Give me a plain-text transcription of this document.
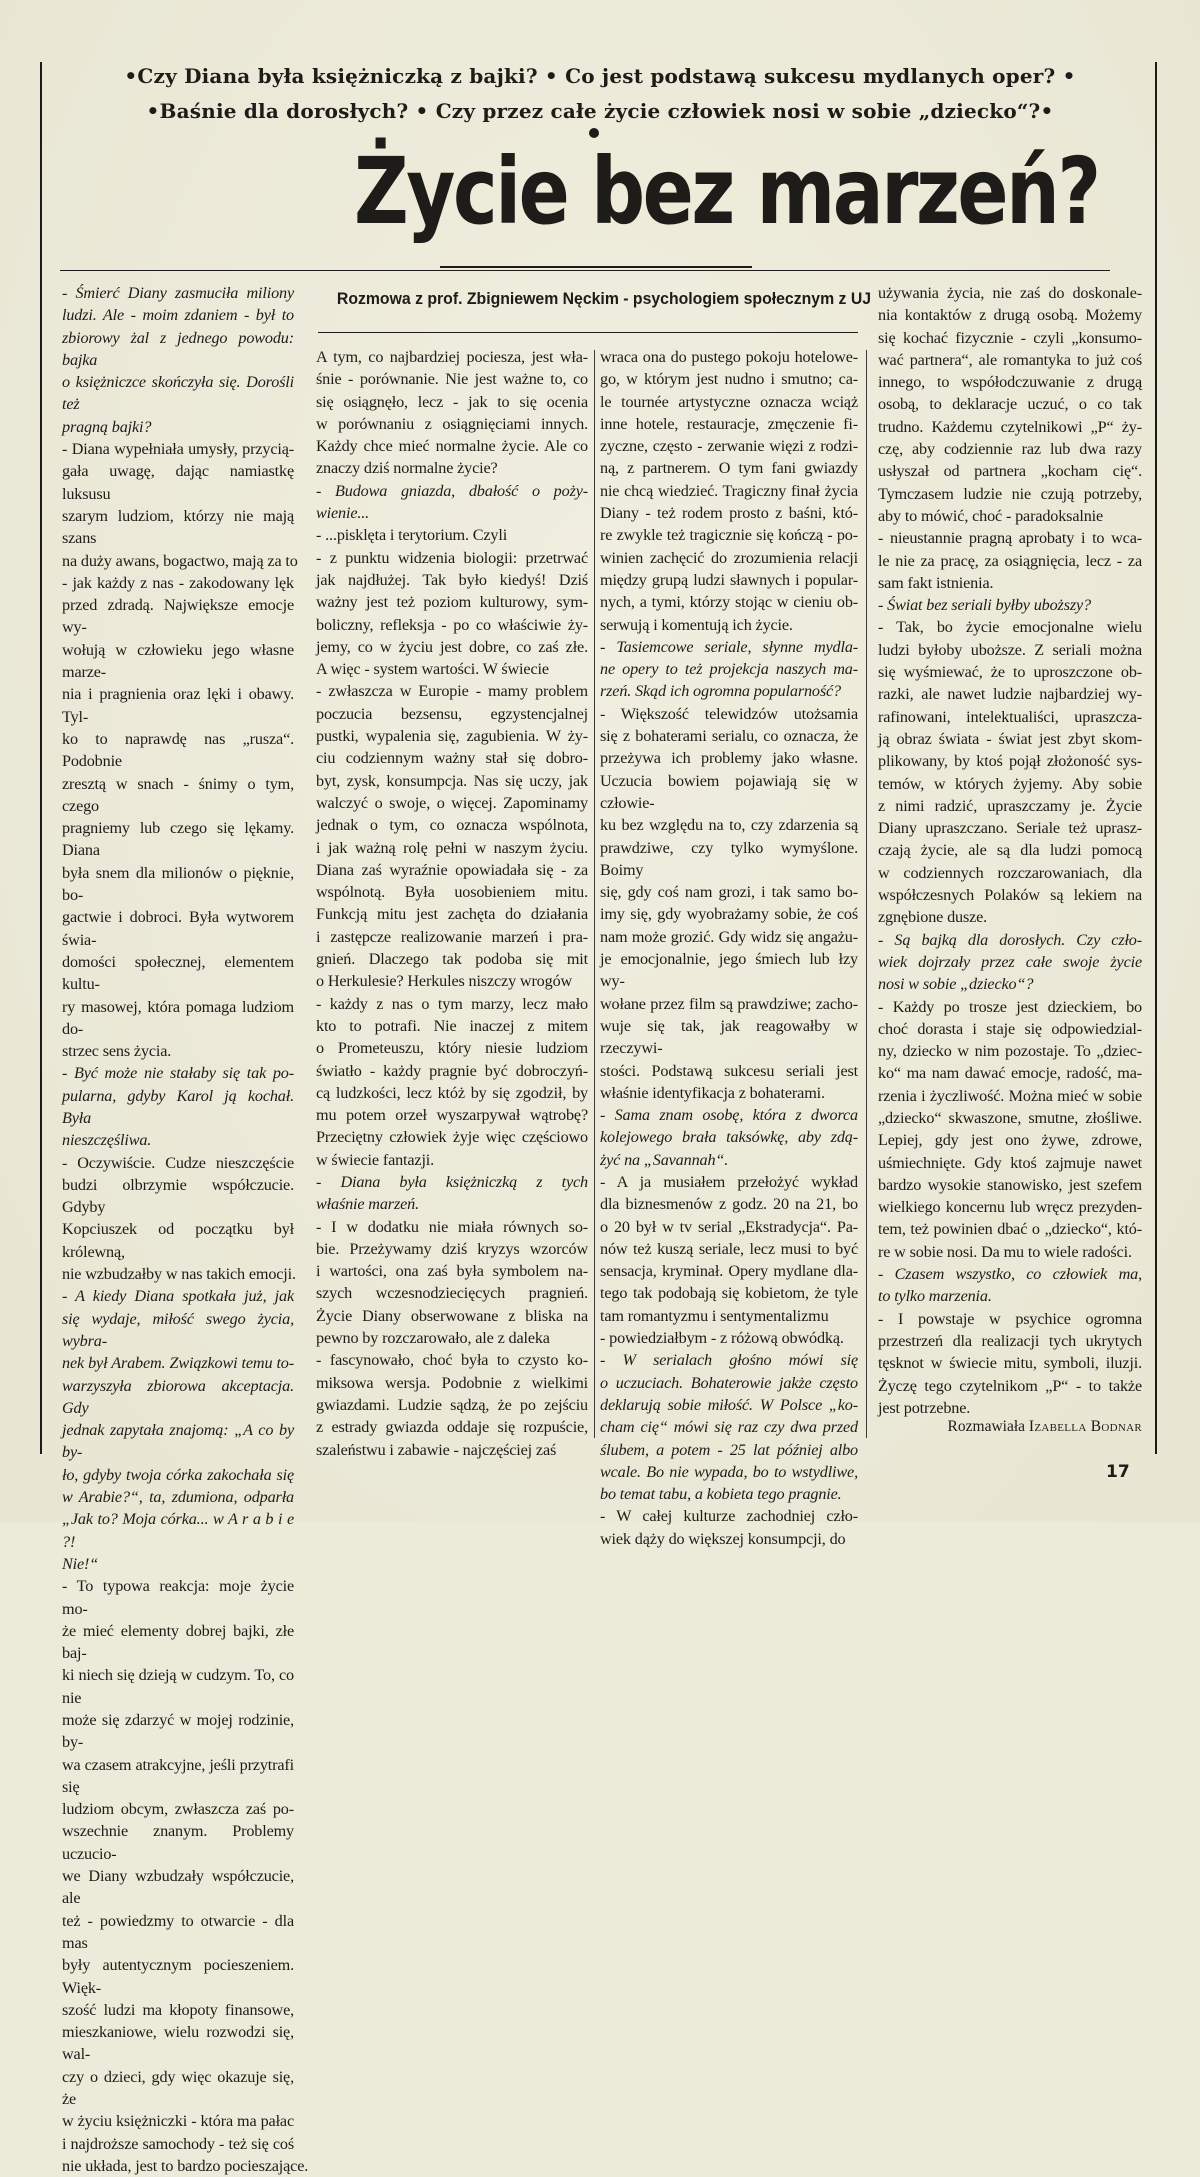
•Czy Diana była księżniczką z bajki? • Co jest podstawą sukcesu mydlanych oper? •
•Baśnie dla dorosłych? • Czy przez całe życie człowiek nosi w sobie „dziecko“?•
Życie bez marzeń?
Rozmowa z prof. Zbigniewem Nęckim - psychologiem społecznym z UJ

- Śmierć Diany zasmuciła miliony

ludzi. Ale - moim zdaniem - był to

zbiorowy żal z jednego powodu: bajka

o księżniczce skończyła się. Dorośli też

pragną bajki?

- Diana wypełniała umysły, przycią-

gała uwagę, dając namiastkę luksusu

szarym ludziom, którzy nie mają szans

na duży awans, bogactwo, mają za to

- jak każdy z nas - zakodowany lęk

przed zdradą. Największe emocje wy-

wołują w człowieku jego własne marze-

nia i pragnienia oraz lęki i obawy. Tyl-

ko to naprawdę nas „rusza“. Podobnie

zresztą w snach - śnimy o tym, czego

pragniemy lub czego się lękamy. Diana

była snem dla milionów o pięknie, bo-

gactwie i dobroci. Była wytworem świa-

domości społecznej, elementem kultu-

ry masowej, która pomaga ludziom do-

strzec sens życia.

- Być może nie stałaby się tak po-

pularna, gdyby Karol ją kochał. Była

nieszczęśliwa.

- Oczywiście. Cudze nieszczęście

budzi olbrzymie współczucie. Gdyby

Kopciuszek od początku był królewną,

nie wzbudzałby w nas takich emocji.

- A kiedy Diana spotkała już, jak

się wydaje, miłość swego życia, wybra-

nek był Arabem. Związkowi temu to-

warzyszyła zbiorowa akceptacja. Gdy

jednak zapytała znajomą: „A co by by-

ło, gdyby twoja córka zakochała się

w Arabie?“, ta, zdumiona, odparła

„Jak to? Moja córka... w A r a b i e ?!

Nie!“

- To typowa reakcja: moje życie mo-

że mieć elementy dobrej bajki, złe baj-

ki niech się dzieją w cudzym. To, co nie

może się zdarzyć w mojej rodzinie, by-

wa czasem atrakcyjne, jeśli przytrafi się

ludziom obcym, zwłaszcza zaś po-

wszechnie znanym. Problemy uczucio-

we Diany wzbudzały współczucie, ale

też - powiedzmy to otwarcie - dla mas

były autentycznym pocieszeniem. Więk-

szość ludzi ma kłopoty finansowe,

mieszkaniowe, wielu rozwodzi się, wal-

czy o dzieci, gdy więc okazuje się, że

w życiu księżniczki - która ma pałac

i najdroższe samochody - też się coś

nie układa, jest to bardzo pocieszające.

A tym, co najbardziej pociesza, jest wła-

śnie - porównanie. Nie jest ważne to, co

się osiągnęło, lecz - jak to się ocenia

w porównaniu z osiągnięciami innych.

Każdy chce mieć normalne życie. Ale co

znaczy dziś normalne życie?

- Budowa gniazda, dbałość o poży-

wienie...

- ...pisklęta i terytorium. Czyli

- z punktu widzenia biologii: przetrwać

jak najdłużej. Tak było kiedyś! Dziś

ważny jest też poziom kulturowy, sym-

boliczny, refleksja - po co właściwie ży-

jemy, co w życiu jest dobre, co zaś złe.

A więc - system wartości. W świecie

- zwłaszcza w Europie - mamy problem

poczucia bezsensu, egzystencjalnej

pustki, wypalenia się, zagubienia. W ży-

ciu codziennym ważny stał się dobro-

byt, zysk, konsumpcja. Nas się uczy, jak

walczyć o swoje, o więcej. Zapominamy

jednak o tym, co oznacza wspólnota,

i jak ważną rolę pełni w naszym życiu.

Diana zaś wyraźnie opowiadała się - za

wspólnotą. Była uosobieniem mitu.

Funkcją mitu jest zachęta do działania

i zastępcze realizowanie marzeń i pra-

gnień. Dlaczego tak podoba się mit

o Herkulesie? Herkules niszczy wrogów

- każdy z nas o tym marzy, lecz mało

kto to potrafi. Nie inaczej z mitem

o Prometeuszu, który niesie ludziom

światło - każdy pragnie być dobroczyń-

cą ludzkości, lecz któż by się zgodził, by

mu potem orzeł wyszarpywał wątrobę?

Przeciętny człowiek żyje więc częściowo

w świecie fantazji.

- Diana była księżniczką z tych

właśnie marzeń.

- I w dodatku nie miała równych so-

bie. Przeżywamy dziś kryzys wzorców

i wartości, ona zaś była symbolem na-

szych wczesnodziecięcych pragnień.

Życie Diany obserwowane z bliska na

pewno by rozczarowało, ale z daleka

- fascynowało, choć była to czysto ko-

miksowa wersja. Podobnie z wielkimi

gwiazdami. Ludzie sądzą, że po zejściu

z estrady gwiazda oddaje się rozpuście,

szaleństwu i zabawie - najczęściej zaś

wraca ona do pustego pokoju hotelowe-

go, w którym jest nudno i smutno; ca-

le tournée artystyczne oznacza wciąż

inne hotele, restauracje, zmęczenie fi-

zyczne, często - zerwanie więzi z rodzi-

ną, z partnerem. O tym fani gwiazdy

nie chcą wiedzieć. Tragiczny finał życia

Diany - też rodem prosto z baśni, któ-

re zwykle też tragicznie się kończą - po-

winien zachęcić do zrozumienia relacji

między grupą ludzi sławnych i popular-

nych, a tymi, którzy stojąc w cieniu ob-

serwują i komentują ich życie.

- Tasiemcowe seriale, słynne mydla-

ne opery to też projekcja naszych ma-

rzeń. Skąd ich ogromna popularność?

- Większość telewidzów utożsamia

się z bohaterami serialu, co oznacza, że

przeżywa ich problemy jako własne.

Uczucia bowiem pojawiają się w człowie-

ku bez względu na to, czy zdarzenia są

prawdziwe, czy tylko wymyślone. Boimy

się, gdy coś nam grozi, i tak samo bo-

imy się, gdy wyobrażamy sobie, że coś

nam może grozić. Gdy widz się angażu-

je emocjonalnie, jego śmiech lub łzy wy-

wołane przez film są prawdziwe; zacho-

wuje się tak, jak reagowałby w rzeczywi-

stości. Podstawą sukcesu seriali jest

właśnie identyfikacja z bohaterami.

- Sama znam osobę, która z dworca

kolejowego brała taksówkę, aby zdą-

żyć na „Savannah“.

- A ja musiałem przełożyć wykład

dla biznesmenów z godz. 20 na 21, bo

o 20 był w tv serial „Ekstradycja“. Pa-

nów też kuszą seriale, lecz musi to być

sensacja, kryminał. Opery mydlane dla-

tego tak podobają się kobietom, że tyle

tam romantyzmu i sentymentalizmu

- powiedziałbym - z różową obwódką.

- W serialach głośno mówi się

o uczuciach. Bohaterowie jakże często

deklarują sobie miłość. W Polsce „ko-

cham cię“ mówi się raz czy dwa przed

ślubem, a potem - 25 lat później albo

wcale. Bo nie wypada, bo to wstydliwe,

bo temat tabu, a kobieta tego pragnie.

- W całej kulturze zachodniej czło-

wiek dąży do większej konsumpcji, do

używania życia, nie zaś do doskonale-

nia kontaktów z drugą osobą. Możemy

się kochać fizycznie - czyli „konsumo-

wać partnera“, ale romantyka to już coś

innego, to współodczuwanie z drugą

osobą, to deklaracje uczuć, o co tak

trudno. Każdemu czytelnikowi „P“ ży-

czę, aby codziennie raz lub dwa razy

usłyszał od partnera „kocham cię“.

Tymczasem ludzie nie czują potrzeby,

aby to mówić, choć - paradoksalnie

- nieustannie pragną aprobaty i to wca-

le nie za pracę, za osiągnięcia, lecz - za

sam fakt istnienia.

- Świat bez seriali byłby uboższy?

- Tak, bo życie emocjonalne wielu

ludzi byłoby uboższe. Z seriali można

się wyśmiewać, że to uproszczone ob-

razki, ale nawet ludzie najbardziej wy-

rafinowani, intelektualiści, upraszcza-

ją obraz świata - świat jest zbyt skom-

plikowany, by ktoś pojął złożoność sys-

temów, w których żyjemy. Aby sobie

z nimi radzić, upraszczamy je. Życie

Diany upraszczano. Seriale też uprasz-

czają życie, ale są dla ludzi pomocą

w codziennych rozczarowaniach, dla

współczesnych Polaków są lekiem na

zgnębione dusze.

- Są bajką dla dorosłych. Czy czło-

wiek dojrzały przez całe swoje życie

nosi w sobie „dziecko“?

- Każdy po trosze jest dzieckiem, bo

choć dorasta i staje się odpowiedzial-

ny, dziecko w nim pozostaje. To „dziec-

ko“ ma nam dawać emocje, radość, ma-

rzenia i życzliwość. Można mieć w sobie

„dziecko“ skwaszone, smutne, złośliwe.

Lepiej, gdy jest ono żywe, zdrowe,

uśmiechnięte. Gdy ktoś zajmuje nawet

bardzo wysokie stanowisko, jest szefem

wielkiego koncernu lub wręcz prezyden-

tem, też powinien dbać o „dziecko“, któ-

re w sobie nosi. Da mu to wiele radości.

- Czasem wszystko, co człowiek ma,

to tylko marzenia.

- I powstaje w psychice ogromna

przestrzeń dla realizacji tych ukrytych

tęsknot w świecie mitu, symboli, iluzji.

Życzę tego czytelnikom „P“ - to także

jest potrzebne.

Rozmawiała Izabella Bodnar
17
